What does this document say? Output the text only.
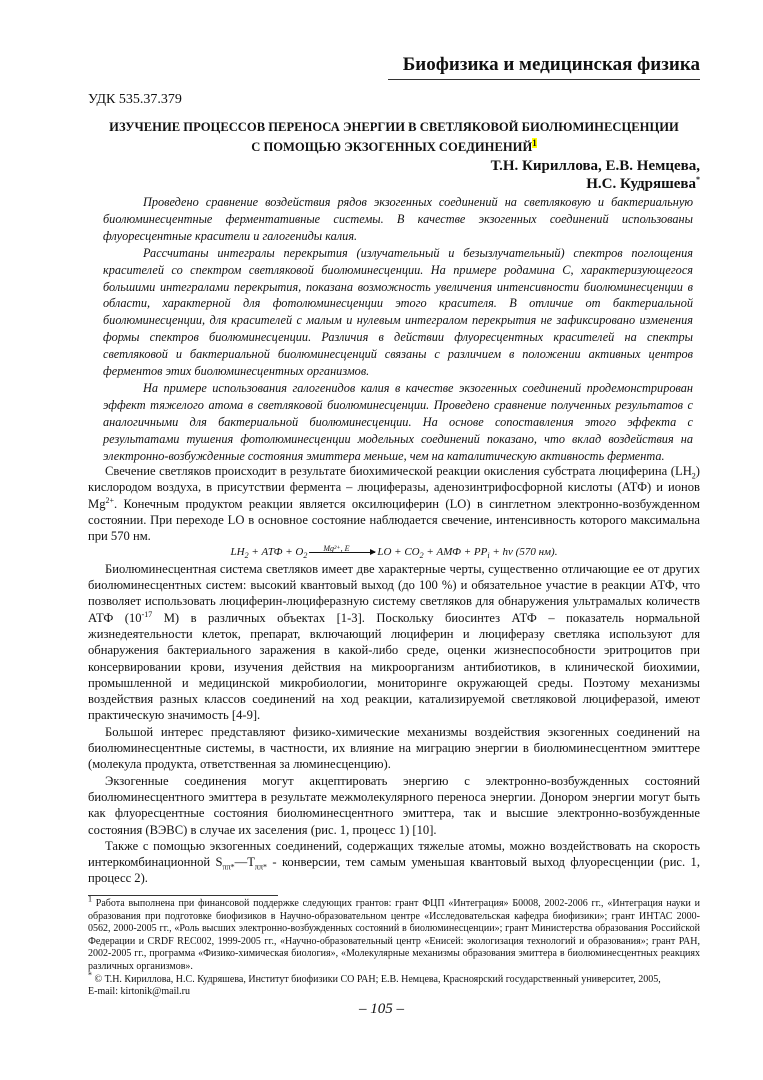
Биофизика и медицинская физика
УДК 535.37.379
ИЗУЧЕНИЕ ПРОЦЕССОВ ПЕРЕНОСА ЭНЕРГИИ В СВЕТЛЯКОВОЙ БИОЛЮМИНЕСЦЕНЦИИ
С ПОМОЩЬЮ ЭКЗОГЕННЫХ СОЕДИНЕНИЙ$^1$
Т.Н. Кириллова, Е.В. Немцева,
Н.С. Кудряшева*

Проведено сравнение воздействия рядов экзогенных соединений на светляковую и бактериальную биолюминесцентные ферментативные системы. В качестве экзогенных соединений использованы флуоресцентные красители и галогениды калия.

Рассчитаны интегралы перекрытия (излучательный и безызлучательный) спектров поглощения красителей со спектром светляковой биолюминесценции. На примере родамина С, характеризующегося большими интегралами перекрытия, показана возможность увеличения интенсивности биолюминесценции в области, характерной для фотолюминесценции этого красителя. В отличие от бактериальной биолюминесценции, для красителей с малым и нулевым интегралом перекрытия не зафиксировано изменения формы спектров биолюминесценции. Различия в действии флуоресцентных красителей на спектры светляковой и бактериальной биолюминесценций связаны с различием в положении активных центров ферментов этих биолюминесцентных организмов.

На примере использования галогенидов калия в качестве экзогенных соединений продемонстрирован эффект тяжелого атома в светляковой биолюминесценции. Проведено сравнение полученных результатов с аналогичными для бактериальной биолюминесценции. На основе сопоставления этого эффекта с результатами тушения фотолюминесценции модельных соединений показано, что вклад воздействия на электронно-возбужденные состояния эмиттера меньше, чем на каталитическую активность фермента.

Свечение светляков происходит в результате биохимической реакции окисления субстрата люциферина $(LH_2)$ кислородом воздуха, в присутствии фермента – люциферазы, аденозинтрифосфорной кислоты (АТФ) и ионов $Mg^{2+}$. Конечным продуктом реакции является оксилюциферин (LO) в синглетном электронно-возбужденном состоянии. При переходе LO в основное состояние наблюдается свечение, интенсивность которого максимальна при 570 нм.

$LH_2$ + АТФ + $O_2$
Mg²⁺, E	LO + $CO_2$ + АМФ + $PP_i + h\nu$ (570 нм).

Биолюминесцентная система светляков имеет две характерные черты, существенно отличающие ее от других биолюминесцентных систем: высокий квантовый выход (до 100 %) и обязательное участие в реакции АТФ, что позволяет использовать люциферин-люциферазную систему светляков для обнаружения ультрамалых количеств АТФ ($10^{-17}$ М) в различных объектах [1-3]. Поскольку биосинтез АТФ – показатель нормальной жизнедеятельности клеток, препарат, включающий люциферин и люциферазу светляка используют для обнаружения бактериального заражения в какой-либо среде, оценки жизнеспособности эритроцитов при консервировании крови, изучения действия на микроорганизм антибиотиков, в клинической биохимии, промышленной и медицинской микробиологии, мониторинге окружающей среды. Поэтому механизмы воздействия разных классов соединений на ход реакции, катализируемой светляковой люциферазой, имеют практическую значимость [4-9].

Большой интерес представляют физико-химические механизмы воздействия экзогенных соединений на биолюминесцентные системы, в частности, их влияние на миграцию энергии в биолюминесцентном эмиттере (молекула продукта, ответственная за люминесценцию).

Экзогенные соединения могут акцептировать энергию с электронно-возбужденных состояний биолюминесцентного эмиттера в результате межмолекулярного переноса энергии. Донором энергии могут быть как флуоресцентные состояния биолюминесцентного эмиттера, так и высшие электронно-возбужденные состояния (ВЭВС) в случае их заселения (рис. 1, процесс 1) [10].

Также с помощью экзогенных соединений, содержащих тяжелые атомы, можно воздействовать на скорость интеркомбинационной $S_{\pi\pi*}—T_{\pi\pi*}$ - конверсии, тем самым уменьшая квантовый выход флуоресценции (рис. 1, процесс 2).

$^1$ Работа выполнена при финансовой поддержке следующих грантов: грант ФЦП «Интеграция» Б0008, 2002-2006 гг., «Интеграция науки и образования при подготовке биофизиков в Научно-образовательном центре «Исследовательская кафедра биофизики»; грант ИНТАС 2000-0562, 2000-2005 гг., «Роль высших электронно-возбужденных состояний в биолюминесценции»; грант Министерства образования Российской Федерации и CRDF REC002, 1999-2005 гг., «Научно-образовательный центр «Енисей: экологизация технологий и образования»; грант РАН, 2002-2005 гг., программа «Физико-химическая биология», «Молекулярные механизмы образования эмиттера в биолюминесцентных реакциях различных организмов».

* © Т.Н. Кириллова, Н.С. Кудряшева, Институт биофизики СО РАН; Е.В. Немцева, Красноярский государственный университет, 2005,

E-mail: kirtonik@mail.ru

– 105 –
